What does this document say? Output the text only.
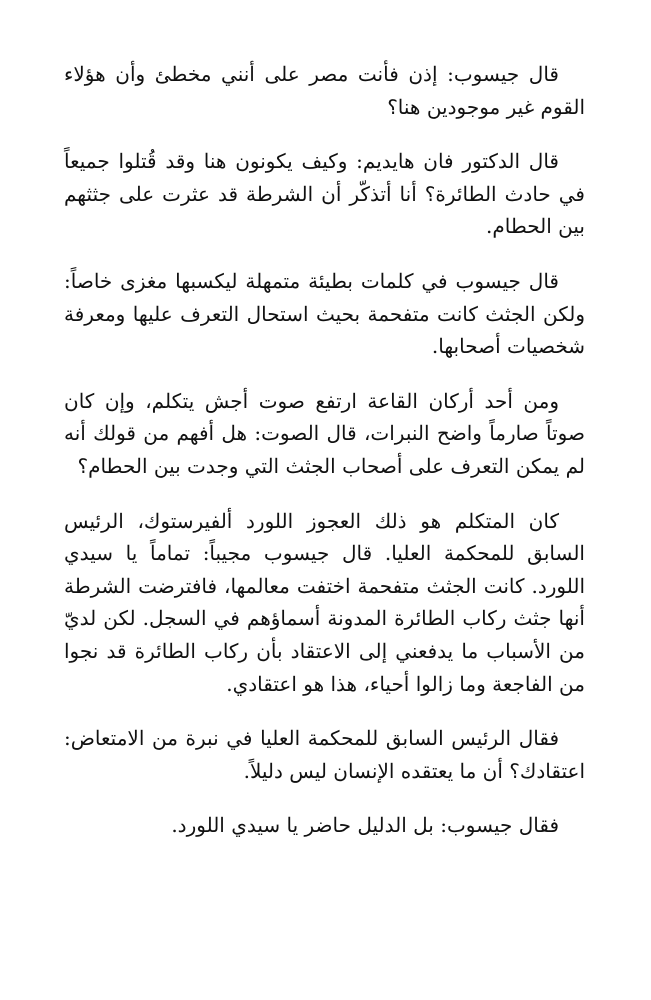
قال جيسوب: إذن فأنت مصر على أنني مخطئ وأن هؤلاء القوم غير موجودين هنا؟

قال الدكتور فان هايديم: وكيف يكونون هنا وقد قُتلوا جميعاً في حادث الطائرة؟ أنا أتذكّر أن الشرطة قد عثرت على جثثهم بين الحطام.

قال جيسوب في كلمات بطيئة متمهلة ليكسبها مغزى خاصاً: ولكن الجثث كانت متفحمة بحيث استحال التعرف عليها ومعرفة شخصيات أصحابها.

ومن أحد أركان القاعة ارتفع صوت أجش يتكلم، وإن كان صوتاً صارماً واضح النبرات، قال الصوت: هل أفهم من قولك أنه لم يمكن التعرف على أصحاب الجثث التي وجدت بين الحطام؟

كان المتكلم هو ذلك العجوز اللورد ألفيرستوك، الرئيس السابق للمحكمة العليا. قال جيسوب مجيباً: تماماً يا سيدي اللورد. كانت الجثث متفحمة اختفت معالمها، فافترضت الشرطة أنها جثث ركاب الطائرة المدونة أسماؤهم في السجل. لكن لديّ من الأسباب ما يدفعني إلى الاعتقاد بأن ركاب الطائرة قد نجوا من الفاجعة وما زالوا أحياء، هذا هو اعتقادي.

فقال الرئيس السابق للمحكمة العليا في نبرة من الامتعاض: اعتقادك؟ أن ما يعتقده الإنسان ليس دليلاً.

فقال جيسوب: بل الدليل حاضر يا سيدي اللورد.
